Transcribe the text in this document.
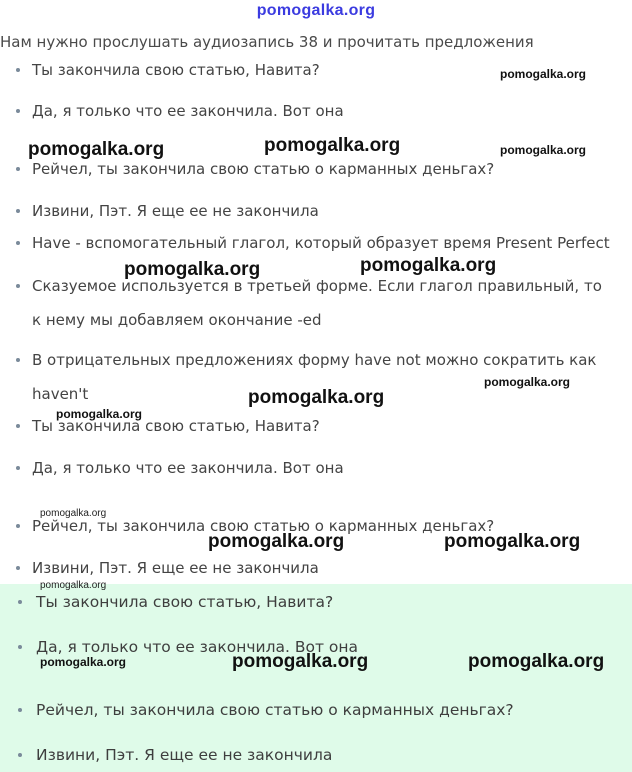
pomogalka.org
Нам нужно прослушать аудиозапись 38 и прочитать предложения
Ты закончила свою статью, Навита?
Да, я только что ее закончила. Вот она
Рейчел, ты закончила свою статью о карманных деньгах?
Извини, Пэт. Я еще ее не закончила
Have - вспомогательный глагол, который образует время Present Perfect
Сказуемое используется в третьей форме. Если глагол правильный, то к нему мы добавляем окончание -ed
В отрицательных предложениях форму have not можно сократить как haven't
Ты закончила свою статью, Навита?
Да, я только что ее закончила. Вот она
Рейчел, ты закончила свою статью о карманных деньгах?
Извини, Пэт. Я еще ее не закончила
Ты закончила свою статью, Навита?
Да, я только что ее закончила. Вот она
Рейчел, ты закончила свою статью о карманных деньгах?
Извини, Пэт. Я еще ее не закончила
pomogalka.org
pomogalka.org	pomogalka.org	pomogalka.org
pomogalka.org	pomogalka.org
pomogalka.org
pomogalka.org
pomogalka.org
pomogalka.org
pomogalka.org	pomogalka.org
pomogalka.org
pomogalka.org	pomogalka.org	pomogalka.org
